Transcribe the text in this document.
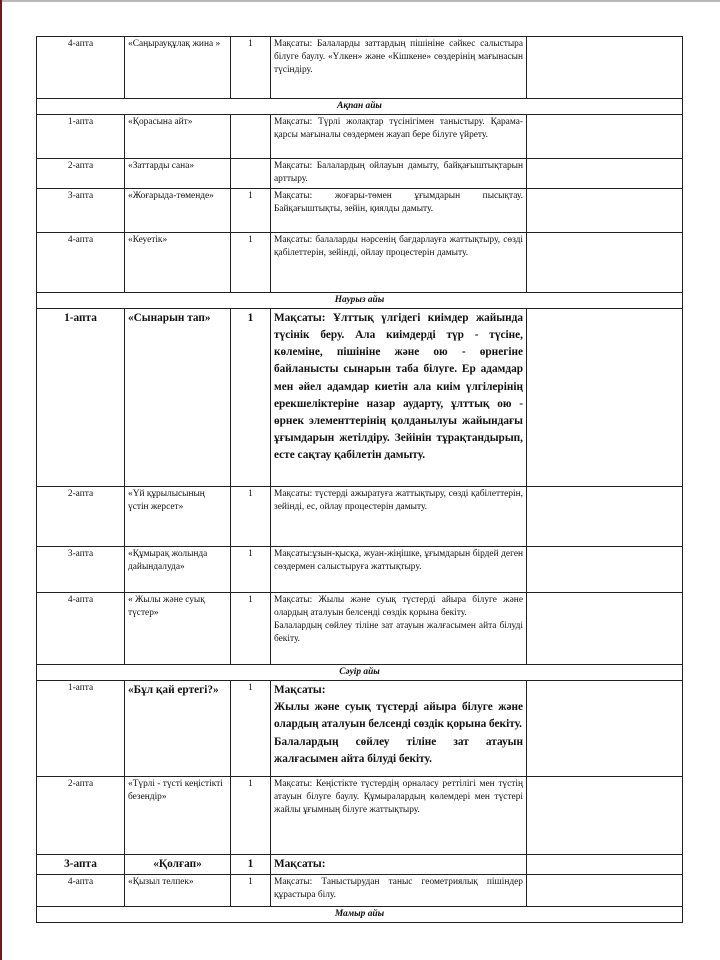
········
4-апта	«Саңырауқұлақ жина »	1	Мақсаты: Балаларды заттардың пішініне сәйкес салыстыра білуге баулу. «Үлкен» және «Кішкене» сөздерінің мағынасын түсіндіру.	

Ақпан айы				
1-апта	«Қорасына айт»		Мақсаты: Түрлі жолақтар түсінігімен таныстыру. Қарама-қарсы мағыналы сөздермен жауап бере білуге үйрету.	

2-апта	«Заттарды сана»		Мақсаты: Балалардың ойлауын дамыту, байқағыштықтарын арттыру.	

3-апта	«Жоғарыда-төменде»	1	Мақсаты: жоғары-төмен ұғымдарын пысықтау. Байқағыштықты, зейін, қиялды дамыту.	

4-апта	«Кеуетік»	1	Мақсаты: балаларды нәрсенің бағдарлауға жаттықтыру, сөзді қабілеттерін, зейінді, ойлау процестерін дамыту.	

Наурыз айы				
1-апта	«Сынарын тап»	1	Мақсаты: Ұлттық үлгідегі киімдер жайында түсінік беру. Ала киімдерді түр - түсіне, көлеміне, пішініне және ою - өрнегіне байланысты сынарын таба білуге. Ер адамдар мен әйел адамдар киетін ала киім үлгілерінің ерекшеліктеріне назар аударту, ұлттық ою - өрнек элементтерінің қолданылуы жайындағы ұғымдарын жетілдіру. Зейінін тұрақтандырып, есте сақтау қабілетін дамыту.	

2-апта	«Үй құрылысының үстін жерсет»	1	Мақсаты: түстерді ажыратуға жаттықтыру, сөзді қабілеттерін, зейінді, ес, ойлау процестерін дамыту.	

3-апта	«Құмырақ жолында дайындалуда»	1	Мақсаты:ұзын-қысқа, жуан-жіңішке, ұғымдарын бірдей деген сөздермен салыстыруға жаттықтыру.	

4-апта	« Жылы және суық түстер»	1	Мақсаты: Жылы және суық түстерді айыра білуге және олардың аталуын белсенді сөздік қорына бекіту.
Балалардың сөйлеу тіліне зат атауын жалғасымен айта білуді бекіту.	

Сәуір айы				
1-апта	«Бұл қай ертегі?»	1	Мақсаты:
Жылы және суық түстерді айыра білуге және олардың аталуын белсенді сөздік қорына бекіту.
Балалардың сөйлеу тіліне зат атауын жалғасымен айта білуді бекіту.	

2-апта	«Түрлі - түсті кеңістікті безендір»	1	Мақсаты: Кеңістікте түстердің орналасу реттілігі мен түстің атауын білуге баулу. Құмыралардың көлемдері мен түстері жайлы ұғымның білуге жаттықтыру.	

3-апта	«Қолғап»	1	Мақсаты:	

4-апта	«Қызыл телпек»	1	Мақсаты: Таныстырудан таныс геометриялық пішіндер құрастыра білу.	

Мамыр айы				
